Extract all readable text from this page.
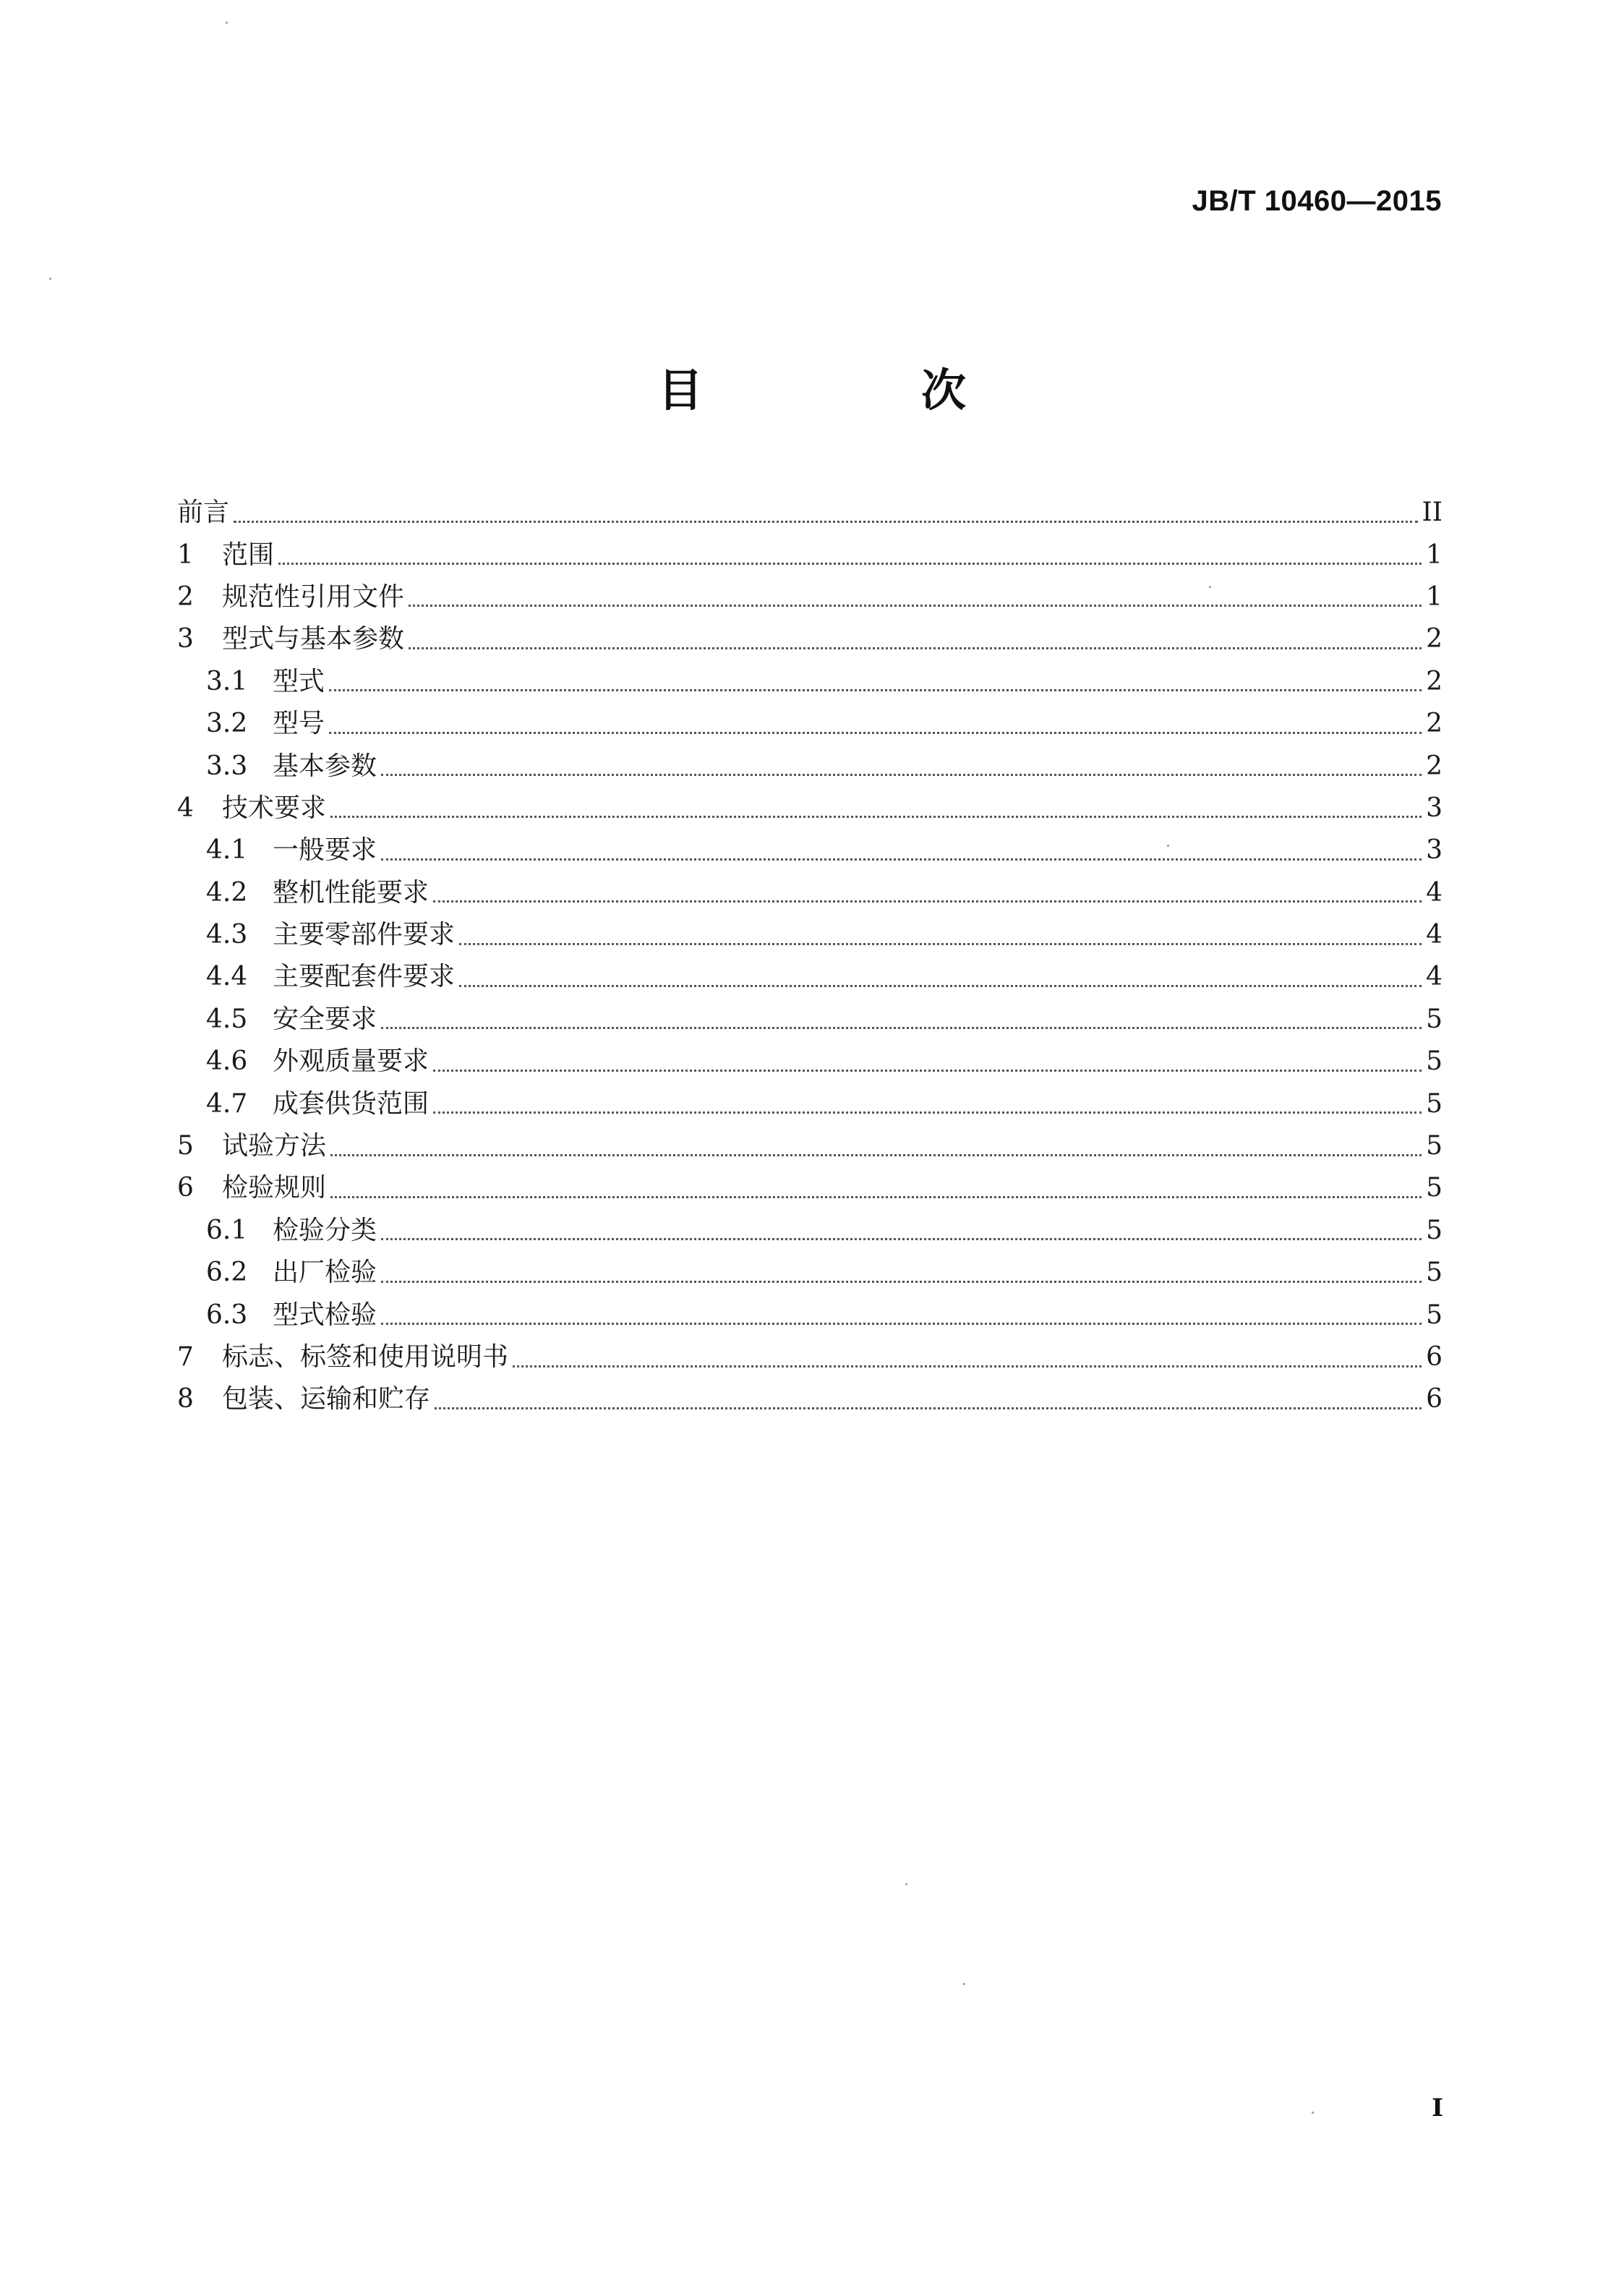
JB/T 10460—2015
目　次
前言	II
1	范围	1
2	规范性引用文件	1
3	型式与基本参数	2
3.1 型式	2
3.2 型号	2
3.3 基本参数	2
4	技术要求	3
4.1 一般要求	3
4.2 整机性能要求	4
4.3 主要零部件要求	4
4.4 主要配套件要求	4
4.5 安全要求	5
4.6 外观质量要求	5
4.7 成套供货范围	5
5	试验方法	5
6	检验规则	5
6.1 检验分类	5
6.2 出厂检验	5
6.3 型式检验	5
7	标志、标签和使用说明书	6
8	包装、运输和贮存	6
I
